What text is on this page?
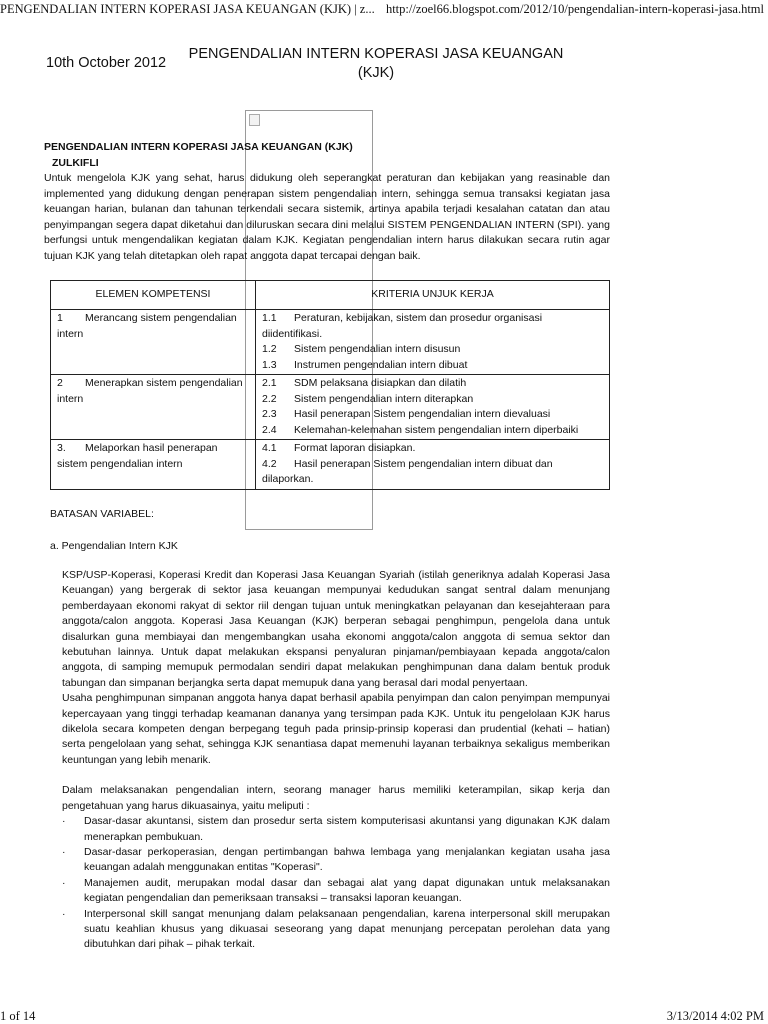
PENGENDALIAN INTERN KOPERASI JASA KEUANGAN (KJK) | z... http://zoel66.blogspot.com/2012/10/pengendalian-intern-koperasi-jasa.html
10th October 2012
PENGENDALIAN INTERN KOPERASI JASA KEUANGAN
(KJK)

PENGENDALIAN INTERN KOPERASI JASA KEUANGAN (KJK)

ZULKIFLI

Untuk mengelola KJK yang sehat, harus didukung oleh seperangkat peraturan dan kebijakan yang reasinable dan implemented yang didukung dengan penerapan sistem pengendalian intern, sehingga semua transaksi kegiatan jasa keuangan harian, bulanan dan tahunan terkendali secara sistemik, artinya apabila terjadi kesalahan catatan dan atau penyimpangan segera dapat diketahui dan diluruskan secara dini melalui SISTEM PENGENDALIAN INTERN (SPI). yang berfungsi untuk mengendalikan kegiatan dalam KJK. Kegiatan pengendalian intern harus dilakukan secara rutin agar tujuan KJK yang telah ditetapkan oleh rapat anggota dapat tercapai dengan baik.

ELEMEN KOMPETENSI	KRITERIA UNJUK KERJA
1 Merancang sistem pengendalian intern	1.1 Peraturan, kebijakan, sistem dan prosedur organisasi diidentifikasi.
1.2 Sistem pengendalian intern disusun
1.3 Instrumen pengendalian intern dibuat

2 Menerapkan sistem pengendalian intern	2.1 SDM pelaksana disiapkan dan dilatih
2.2 Sistem pengendalian intern diterapkan
2.3 Hasil penerapan Sistem pengendalian intern dievaluasi
2.4 Kelemahan-kelemahan sistem pengendalian intern diperbaiki

3. Melaporkan hasil penerapan sistem pengendalian intern	4.1 Format laporan disiapkan.
4.2 Hasil penerapan Sistem pengendalian intern dibuat dan dilaporkan.
BATASAN VARIABEL:
a. Pengendalian Intern KJK

KSP/USP-Koperasi, Koperasi Kredit dan Koperasi Jasa Keuangan Syariah (istilah generiknya adalah Koperasi Jasa Keuangan) yang bergerak di sektor jasa keuangan mempunyai kedudukan sangat sentral dalam menunjang pemberdayaan ekonomi rakyat di sektor riil dengan tujuan untuk meningkatkan pelayanan dan kesejahteraan para anggota/calon anggota. Koperasi Jasa Keuangan (KJK) berperan sebagai penghimpun, pengelola dana untuk disalurkan guna membiayai dan mengembangkan usaha ekonomi anggota/calon anggota di semua sektor dan kebutuhan lainnya. Untuk dapat melakukan ekspansi penyaluran pinjaman/pembiayaan kepada anggota/calon anggota, di samping memupuk permodalan sendiri dapat melakukan penghimpunan dana dalam bentuk produk tabungan dan simpanan berjangka serta dapat memupuk dana yang berasal dari modal penyertaan.

Usaha penghimpunan simpanan anggota hanya dapat berhasil apabila penyimpan dan calon penyimpan mempunyai kepercayaan yang tinggi terhadap keamanan dananya yang tersimpan pada KJK. Untuk itu pengelolaan KJK harus dikelola secara kompeten dengan berpegang teguh pada prinsip-prinsip koperasi dan prudential (kehati – hatian) serta pengelolaan yang sehat, sehingga KJK senantiasa dapat memenuhi layanan terbaiknya sekaligus memberikan keuntungan yang lebih menarik.

Dalam melaksanakan pengendalian intern, seorang manager harus memiliki keterampilan, sikap kerja dan pengetahuan yang harus dikuasainya, yaitu meliputi :

·	Dasar-dasar akuntansi, sistem dan prosedur serta sistem komputerisasi akuntansi yang digunakan KJK dalam menerapkan pembukuan.
·	Dasar-dasar perkoperasian, dengan pertimbangan bahwa lembaga yang menjalankan kegiatan usaha jasa keuangan adalah menggunakan entitas "Koperasi".
·	Manajemen audit, merupakan modal dasar dan sebagai alat yang dapat digunakan untuk melaksanakan kegiatan pengendalian dan pemeriksaan transaksi – transaksi laporan keuangan.
·	Interpersonal skill sangat menunjang dalam pelaksanaan pengendalian, karena interpersonal skill merupakan suatu keahlian khusus yang dikuasai seseorang yang dapat menunjang percepatan perolehan data yang dibutuhkan dari pihak – pihak terkait.
1 of 14	3/13/2014 4:02 PM
